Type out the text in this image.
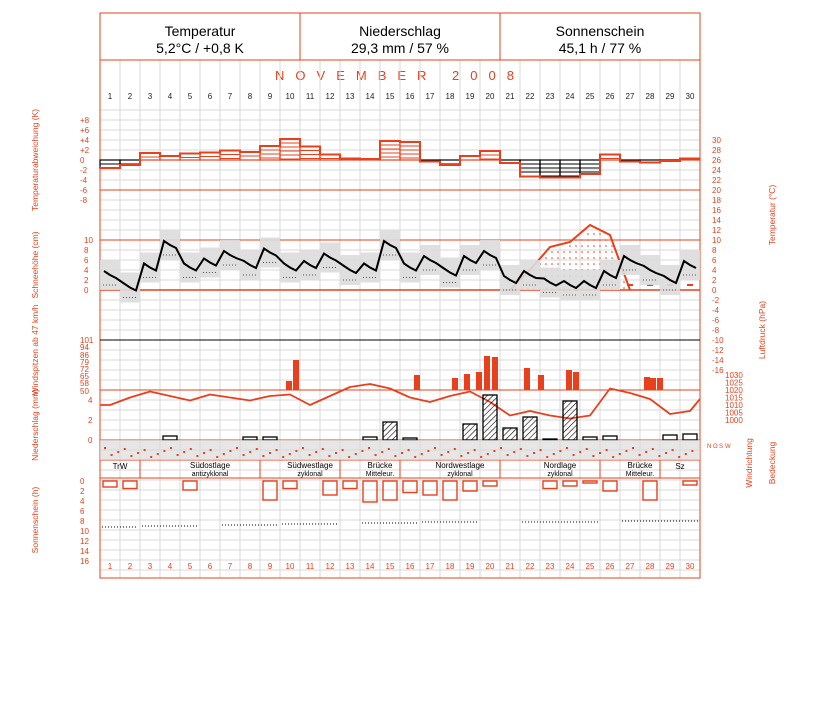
Temperatur
5,2°C / +0,8 K
Niederschlag
29,3 mm / 57 %
Sonnenschein
45,1 h / 77 %
NOVEMBER 2008
1
1
2
2
3
3
4
4
5
5
6
6
7
7
8
8
9
9
10
10
11
11
12
12
13
13
14
14
15
15
16
16
17
17
18
18
19
19
20
20
21
21
22
22
23
23
24
24
25
25
26
26
27
27
28
28
29
29
30
30
+8
+6
+4
+2
0
-2
-4
-6
-8
10
8
6
4
2
0
30
28
26
24
22
20
18
16
14
12
10
8
6
4
2
0
-2
-4
-6
-8
-10
-12
-14
-16
101
94
86
79
72
65
58
50
1030
1025
1020
1015
1010
1005
1000
4
2
0
N O S W
TrW	Südostlage
antizyklonal
Südwestlage
zyklonal
Brücke
Mitteleur.
Nordwestlage
zyklonal
Nordlage
zyklonal
Brücke
Mitteleur.
Sz
0
2
4
6
8
10
12
14
16
Temperaturabweichung (K)
Schneehöhe (cm)
Windspitzen ab 47 km/h
Niederschlag (mm)
Sonnenschein (h)
Temperatur (°C)
Luftdruck (hPa)
Windrichtung Bedeckung
